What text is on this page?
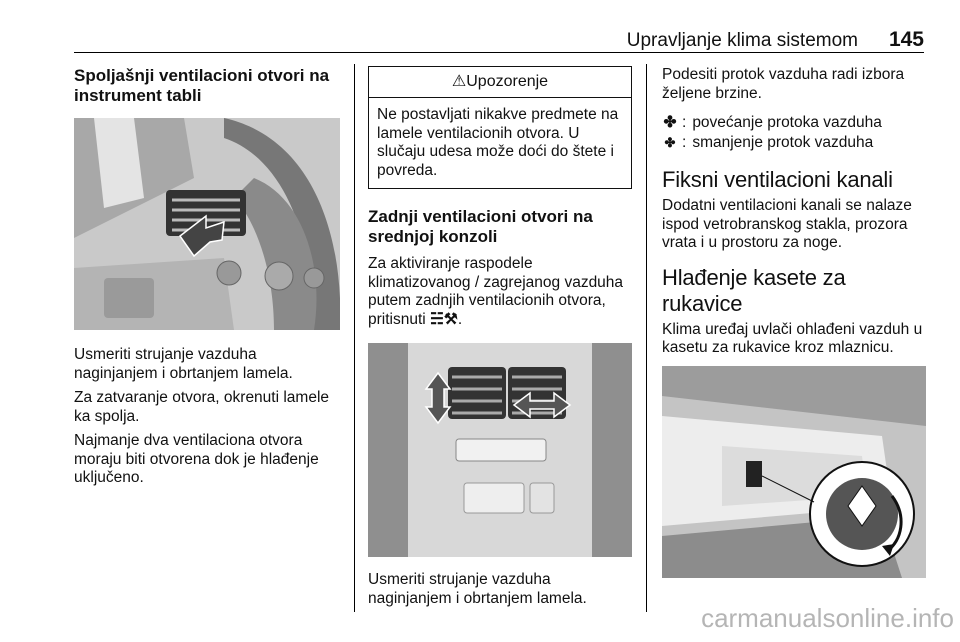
Upravljanje klima sistemom 145
Spoljašnji ventilacioni otvori na instrument tabli

Usmeriti strujanje vazduha naginjanjem i obrtanjem lamela.

Za zatvaranje otvora, okrenuti lamele ka spolja.

Najmanje dva ventilaciona otvora moraju biti otvorena dok je hlađenje uključeno.

⚠Upozorenje
Ne postavljati nikakve predmete na lamele ventilacionih otvora. U slučaju udesa može doći do štete i povreda.
Zadnji ventilacioni otvori na srednjoj konzoli

Za aktiviranje raspodele klimatizovanog / zagrejanog vazduha putem zadnjih ventilacionih otvora, pritisnuti ☵⚒.

Usmeriti strujanje vazduha naginjanjem i obrtanjem lamela.

Podesiti protok vazduha radi izbora željene brzine.

✤ : povećanje protoka vazduha
✤ : smanjenje protok vazduha
Fiksni ventilacioni kanali

Dodatni ventilacioni kanali se nalaze ispod vetrobranskog stakla, prozora vrata i u prostoru za noge.

Hlađenje kasete za rukavice

Klima uređaj uvlači ohlađeni vazduh u kasetu za rukavice kroz mlaznicu.

carmanualsonline.info
